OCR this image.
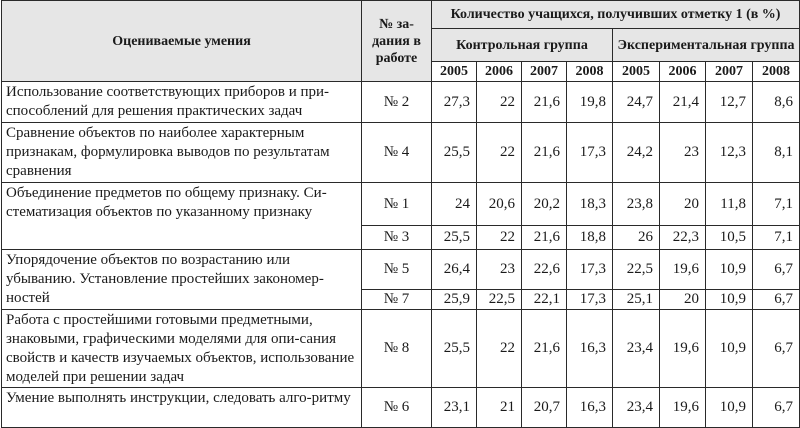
Оцениваемые умения	№ за-дания в работе	Количество учащихся, получивших отметку 1 (в %)							
		Контрольная группа				Экспериментальная группа			
		2005	2006	2007	2008	2005	2006	2007	2008
Использование соответствующих приборов и при-способлений для решения практических задач	№ 2	27,3	22	21,6	19,8	24,7	21,4	12,7	8,6
Сравнение объектов по наиболее характерным признакам, формулировка выводов по результатам сравнения	№ 4	25,5	22	21,6	17,3	24,2	23	12,3	8,1
Объединение предметов по общему признаку. Си-стематизация объектов по указанному признаку	№ 1	24	20,6	20,2	18,3	23,8	20	11,8	7,1
	№ 3	25,5	22	21,6	18,8	26	22,3	10,5	7,1
Упорядочение объектов по возрастанию или убыванию. Установление простейших закономер-ностей	№ 5	26,4	23	22,6	17,3	22,5	19,6	10,9	6,7
	№ 7	25,9	22,5	22,1	17,3	25,1	20	10,9	6,7
Работа с простейшими готовыми предметными, знаковыми, графическими моделями для опи-сания свойств и качеств изучаемых объектов, использование моделей при решении задач	№ 8	25,5	22	21,6	16,3	23,4	19,6	10,9	6,7
Умение выполнять инструкции, следовать алго-ритму	№ 6	23,1	21	20,7	16,3	23,4	19,6	10,9	6,7
